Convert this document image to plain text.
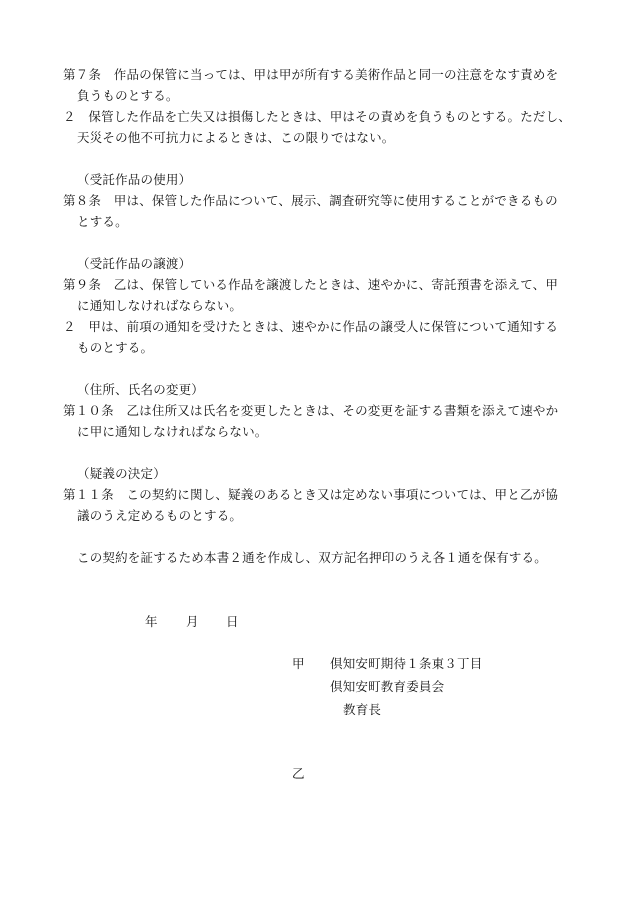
第７条　作品の保管に当っては、甲は甲が所有する美術作品と同一の注意をなす責めを
負うものとする。
２　保管した作品を亡失又は損傷したときは、甲はその責めを負うものとする。ただし、
天災その他不可抗力によるときは、この限りではない。
（受託作品の使用）
第８条　甲は、保管した作品について、展示、調査研究等に使用することができるもの
とする。
（受託作品の譲渡）
第９条　乙は、保管している作品を譲渡したときは、速やかに、寄託預書を添えて、甲
に通知しなければならない。
２　甲は、前項の通知を受けたときは、速やかに作品の譲受人に保管について通知する
ものとする。
（住所、氏名の変更）
第１０条　乙は住所又は氏名を変更したときは、その変更を証する書類を添えて速やか
に甲に通知しなければならない。
（疑義の決定）
第１１条　この契約に関し、疑義のあるとき又は定めない事項については、甲と乙が協
議のうえ定めるものとする。
この契約を証するため本書２通を作成し、双方記名押印のうえ各１通を保有する。
年 月 日
甲 倶知安町期待１条東３丁目
倶知安町教育委員会
教育長
乙
